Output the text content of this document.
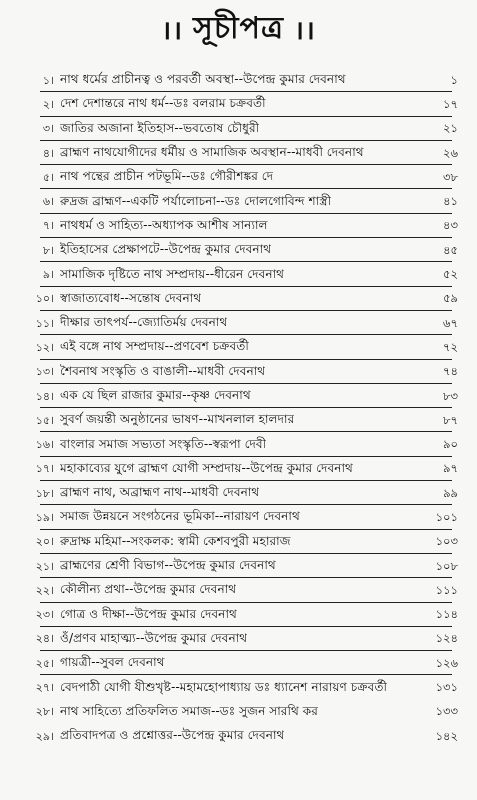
।। সূচীপত্র ।।
১। নাথ ধর্মের প্রাচীনত্ব ও পরবর্তী অবস্থা--উপেন্দ্র কুমার দেবনাথ	১
২। দেশ দেশান্তরে নাথ ধর্ম--ডঃ বলরাম চক্রবর্তী	১৭
৩। জাতির অজানা ইতিহাস--ভবতোষ চৌধুরী	২১
৪। ব্রাহ্মণ নাথযোগীদের ধর্মীয় ও সামাজিক অবস্থান--মাধবী দেবনাথ	২৬
৫। নাথ পন্থের প্রাচীন পটভূমি--ডঃ গৌরীশঙ্কর দে	৩৮
৬। রুদ্রজ ব্রাহ্মণ--একটি পর্যালোচনা--ডঃ দোলগোবিন্দ শাস্ত্রী	৪১
৭। নাথধর্ম ও সাহিত্য--অধ্যাপক আশীষ সান্যাল	৪৩
৮। ইতিহাসের প্রেক্ষাপটে--উপেন্দ্র কুমার দেবনাথ	৪৫
৯। সামাজিক দৃষ্টিতে নাথ সম্প্রদায়--ধীরেন দেবনাথ	৫২
১০। স্বাজাত্যবোধ--সন্তোষ দেবনাথ	৫৯
১১। দীক্ষার তাৎপর্য--জ্যোতির্ময় দেবনাথ	৬৭
১২। এই বঙ্গে নাথ সম্প্রদায়--প্রণবেশ চক্রবর্তী	৭২
১৩। শৈবনাথ সংস্কৃতি ও বাঙালী--মাধবী দেবনাথ	৭৪
১৪। এক যে ছিল রাজার কুমার--কৃষ্ণ দেবনাথ	৮৩
১৫। সুবর্ণ জয়ন্তী অনুষ্ঠানের ভাষণ--মাখনলাল হালদার	৮৭
১৬। বাংলার সমাজ সভ্যতা সংস্কৃতি--স্বরূপা দেবী	৯০
১৭। মহাকাব্যের যুগে ব্রাহ্মণ যোগী সম্প্রদায়--উপেন্দ্র কুমার দেবনাথ	৯৭
১৮। ব্রাহ্মণ নাথ, অব্রাহ্মণ নাথ--মাধবী দেবনাথ	৯৯
১৯। সমাজ উন্নয়নে সংগঠনের ভূমিকা--নারায়ণ দেবনাথ	১০১
২০। রুদ্রাক্ষ মহিমা--সংকলক: স্বামী কেশবপুরী মহারাজ	১০৩
২১। ব্রাহ্মণের শ্রেণী বিভাগ--উপেন্দ্র কুমার দেবনাথ	১০৮
২২। কৌলীন্য প্রথা--উপেন্দ্র কুমার দেবনাথ	১১১
২৩। গোত্র ও দীক্ষা--উপেন্দ্র কুমার দেবনাথ	১১৪
২৪। ওঁ/প্রণব মাহাত্ম্য--উপেন্দ্র কুমার দেবনাথ	১২৪
২৫। গায়ত্রী--সুবল দেবনাথ	১২৬
২৭। বেদপাঠী যোগী যীশুখৃষ্ট--মহামহোপাধ্যায় ডঃ ধ্যানেশ নারায়ণ চক্রবর্তী	১৩১
২৮। নাথ সাহিত্যে প্রতিফলিত সমাজ--ডঃ সুজন সারথি কর	১৩৩
২৯। প্রতিবাদপত্র ও প্রশ্নোত্তর--উপেন্দ্র কুমার দেবনাথ	১৪২
